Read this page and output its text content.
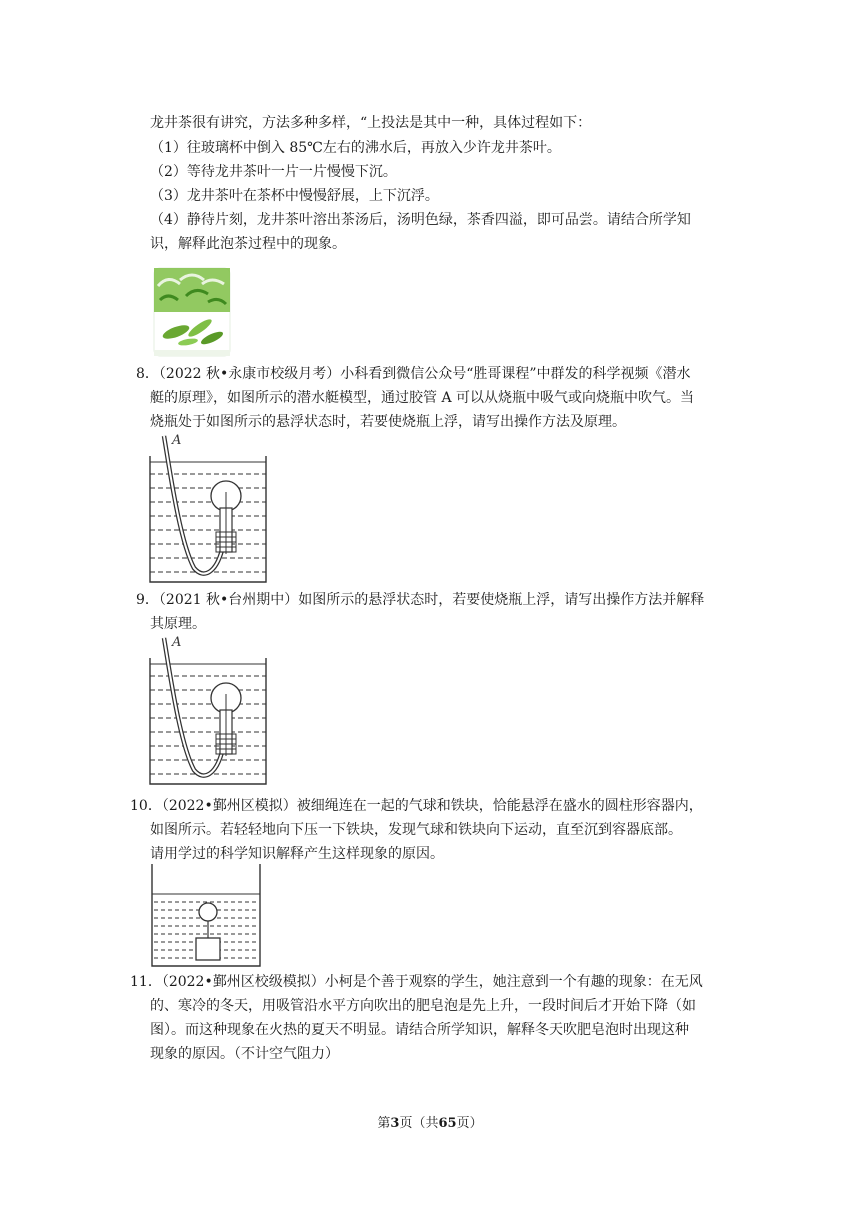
龙井茶很有讲究，方法多种多样，“上投法是其中一种，具体过程如下：
（1）往玻璃杯中倒入 85℃左右的沸水后，再放入少许龙井茶叶。
（2）等待龙井茶叶一片一片慢慢下沉。
（3）龙井茶叶在茶杯中慢慢舒展，上下沉浮。
（4）静待片刻，龙井茶叶溶出茶汤后，汤明色绿，茶香四溢，即可品尝。请结合所学知
识，解释此泡茶过程中的现象。
8．（2022 秋•永康市校级月考）小科看到微信公众号“胜哥课程”中群发的科学视频《潜水
艇的原理》，如图所示的潜水艇模型，通过胶管 A 可以从烧瓶中吸气或向烧瓶中吹气。当
烧瓶处于如图所示的悬浮状态时，若要使烧瓶上浮，请写出操作方法及原理。
A
9．（2021 秋•台州期中）如图所示的悬浮状态时，若要使烧瓶上浮，请写出操作方法并解释
其原理。
A
10．（2022•鄞州区模拟）被细绳连在一起的气球和铁块，恰能悬浮在盛水的圆柱形容器内，
如图所示。若轻轻地向下压一下铁块，发现气球和铁块向下运动，直至沉到容器底部。
请用学过的科学知识解释产生这样现象的原因。
11．（2022•鄞州区校级模拟）小柯是个善于观察的学生，她注意到一个有趣的现象：在无风
的、寒冷的冬天，用吸管沿水平方向吹出的肥皂泡是先上升，一段时间后才开始下降（如
图）。而这种现象在火热的夏天不明显。请结合所学知识，解释冬天吹肥皂泡时出现这种
现象的原因。（不计空气阻力）
第3页（共65页）
